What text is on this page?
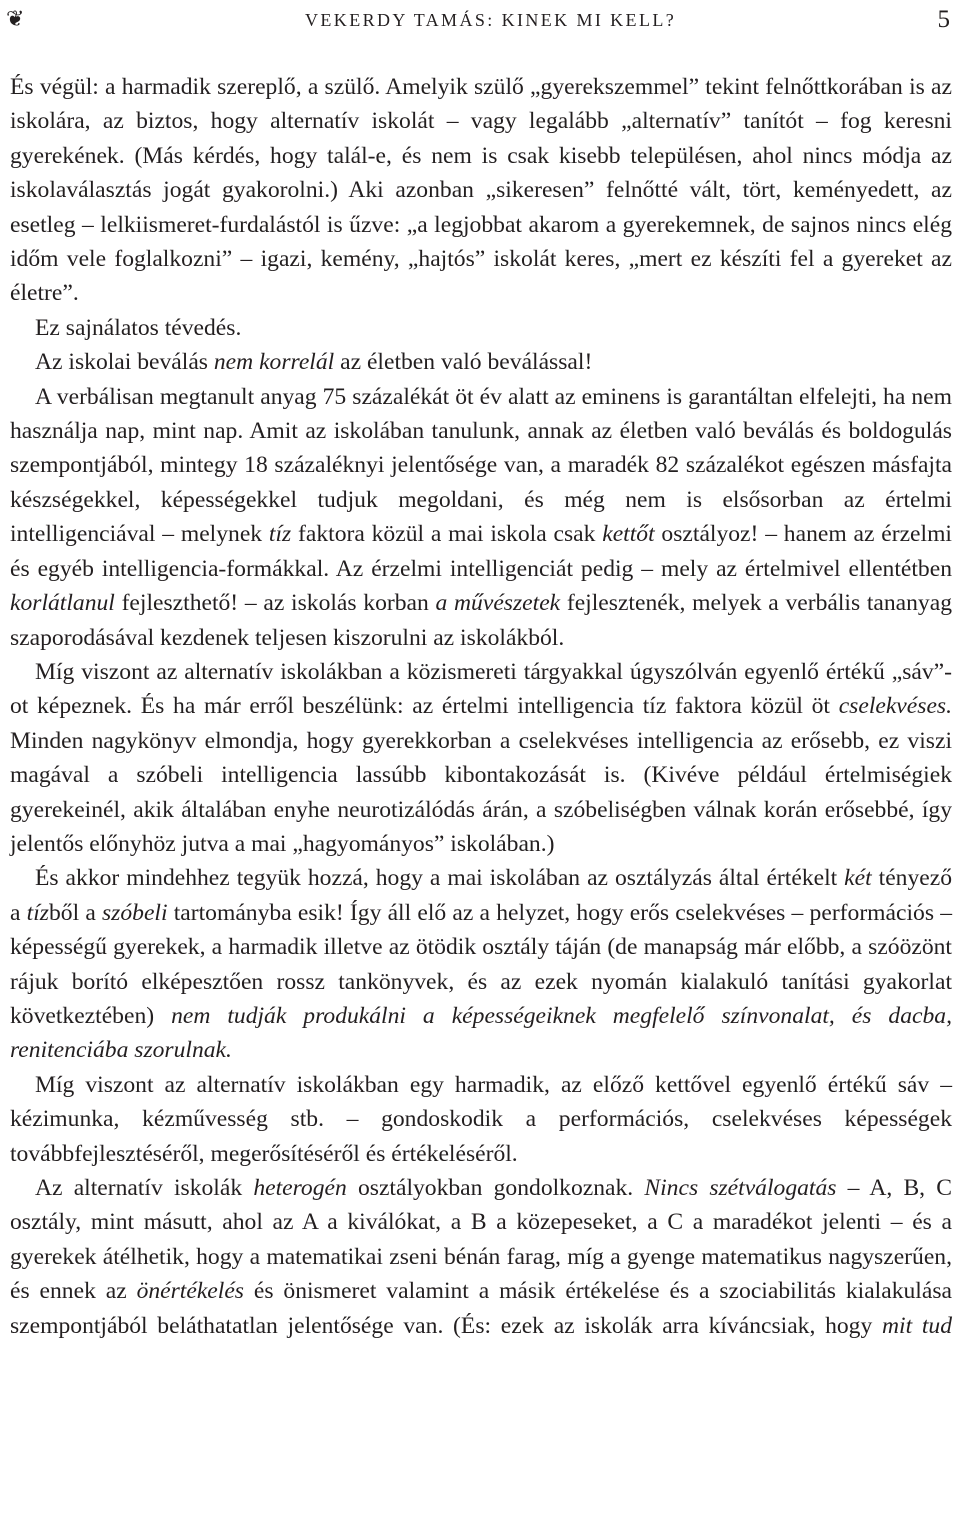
❦	VEKERDY TAMÁS: KINEK MI KELL?	5

És végül: a harmadik szereplő, a szülő. Amelyik szülő „gyerekszemmel” tekint felnőttkorában is az iskolára, az biztos, hogy alternatív iskolát – vagy legalább „alternatív” tanítót – fog keresni gyerekének. (Más kérdés, hogy talál-e, és nem is csak kisebb településen, ahol nincs módja az iskolaválasztás jogát gyakorolni.) Aki azonban „sikeresen” felnőtté vált, tört, keményedett, az esetleg – lelkiismeret-furdalástól is űzve: „a legjobbat akarom a gyerekemnek, de sajnos nincs elég időm vele foglalkozni” – igazi, kemény, „hajtós” iskolát keres, „mert ez készíti fel a gyereket az életre”.

Ez sajnálatos tévedés.

Az iskolai beválás nem korrelál az életben való beválással!

A verbálisan megtanult anyag 75 százalékát öt év alatt az eminens is garantáltan elfelejti, ha nem használja nap, mint nap. Amit az iskolában tanulunk, annak az életben való beválás és boldogulás szempontjából, mintegy 18 százaléknyi jelentősége van, a maradék 82 százalékot egészen másfajta készségekkel, képességekkel tudjuk megoldani, és még nem is elsősorban az értelmi intelligenciával – melynek tíz faktora közül a mai iskola csak kettőt osztályoz! – hanem az érzelmi és egyéb intelligencia-formákkal. Az érzelmi intelligenciát pedig – mely az értelmivel ellentétben korlátlanul fejleszthető! – az iskolás korban a művészetek fejlesztenék, melyek a verbális tananyag szaporodásával kezdenek teljesen kiszorulni az iskolákból.

Míg viszont az alternatív iskolákban a közismereti tárgyakkal úgyszólván egyenlő értékű „sáv”-ot képeznek. És ha már erről beszélünk: az értelmi intelligencia tíz faktora közül öt cselekvéses. Minden nagykönyv elmondja, hogy gyerekkorban a cselekvéses intelligencia az erősebb, ez viszi magával a szóbeli intelligencia lassúbb kibontakozását is. (Kivéve például értelmiségiek gyerekeinél, akik általában enyhe neurotizálódás árán, a szóbeliségben válnak korán erősebbé, így jelentős előnyhöz jutva a mai „hagyományos” iskolában.)

És akkor mindehhez tegyük hozzá, hogy a mai iskolában az osztályzás által értékelt két tényező a tízből a szóbeli tartományba esik! Így áll elő az a helyzet, hogy erős cselekvéses – performációs – képességű gyerekek, a harmadik illetve az ötödik osztály táján (de manapság már előbb, a szóözönt rájuk borító elképesztően rossz tankönyvek, és az ezek nyomán kialakuló tanítási gyakorlat következtében) nem tudják produkálni a képességeiknek megfelelő színvonalat, és dacba, renitenciába szorulnak.

Míg viszont az alternatív iskolákban egy harmadik, az előző kettővel egyenlő értékű sáv – kézimunka, kézművesség stb. – gondoskodik a performációs, cselekvéses képességek továbbfejlesztéséről, megerősítéséről és értékeléséről.

Az alternatív iskolák heterogén osztályokban gondolkoznak. Nincs szétválogatás – A, B, C osztály, mint másutt, ahol az A a kiválókat, a B a közepeseket, a C a maradékot jelenti – és a gyerekek átélhetik, hogy a matematikai zseni bénán farag, míg a gyenge matematikus nagyszerűen, és ennek az önértékelés és önismeret valamint a másik értékelése és a szociabilitás kialakulása szempontjából beláthatatlan jelentősége van. (És: ezek az iskolák arra kíváncsiak, hogy mit tud
